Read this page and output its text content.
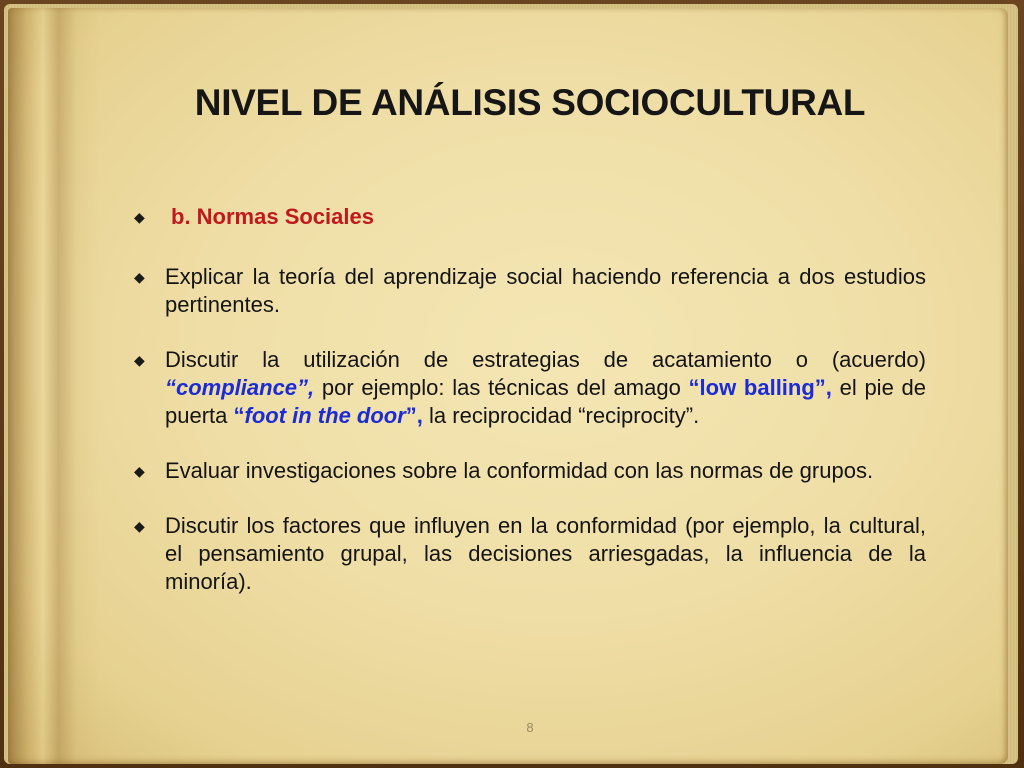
NIVEL DE ANÁLISIS SOCIOCULTURAL
◆ b. Normas Sociales
◆ Explicar la teoría del aprendizaje social haciendo referencia a dos estudios pertinentes.
◆ Discutir la utilización de estrategias de acatamiento o (acuerdo) “compliance”, por ejemplo: las técnicas del amago “low balling”, el pie de puerta “foot in the door”, la reciprocidad “reciprocity”.
◆ Evaluar investigaciones sobre la conformidad con las normas de grupos.
◆ Discutir los factores que influyen en la conformidad (por ejemplo, la cultural, el pensamiento grupal, las decisiones arriesgadas, la influencia de la minoría).
8
